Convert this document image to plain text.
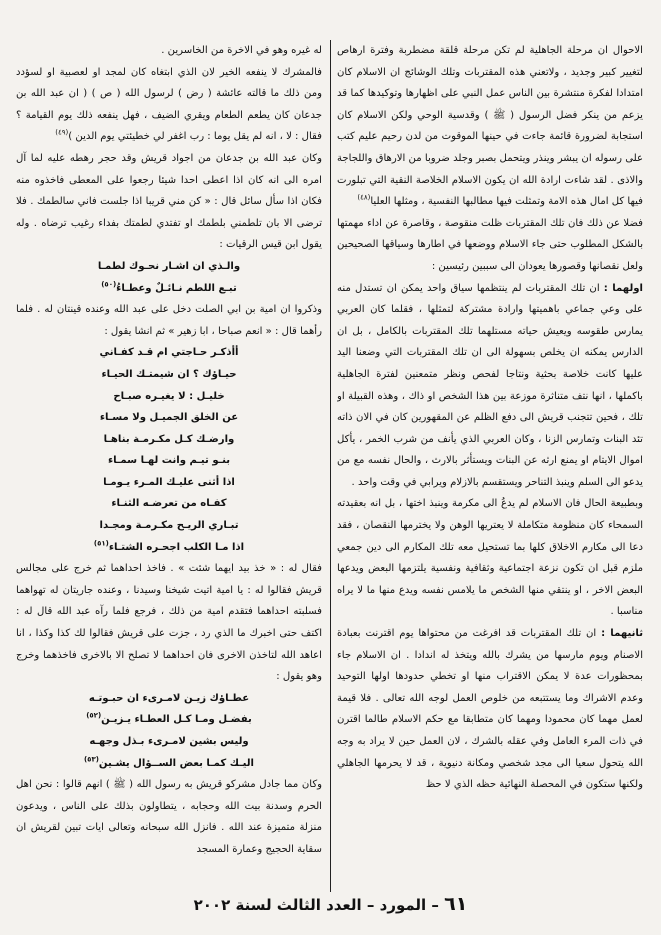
الاحوال ان مرحلة الجاهلية لم تكن مرحلة قلقة مضطربة وفترة ارهاص لتغيير كبير وجديد ، ولاتعني هذه المقتربات وتلك الوشائج ان الاسلام كان امتدادا لفكرة منتشرة بين الناس عمل النبي على اظهارها وتوكيدها كما قد يزعم من ينكر فضل الرسول ( ﷺ ) وقدسية الوحي ولكن الاسلام كان استجابة لضرورة قائمة جاءت في حينها الموقوت من لدن رحيم عليم كتب على رسوله ان يبشر وينذر ويتحمل بصبر وجلد ضروبا من الارهاق واللجاجة والاذى . لقد شاءت ارادة الله ان يكون الاسلام الخلاصة النقية التي تبلورت فيها كل امال هذه الامة وتمثلت فيها مطالبها النفسية ، ومثلها العليا$^{(٤٨)}$

فضلا عن ذلك فان تلك المقتربات ظلت منقوصة ، وقاصرة عن اداء مهمتها بالشكل المطلوب حتى جاء الاسلام ووضعها في اطارها وسياقها الصحيحين ولعل نقصانها وقصورها يعودان الى سببين رئيسين :

اولهما : ان تلك المقتربات لم ينتظمها سياق واحد يمكن ان تستدل منه على وعي جماعي باهميتها وارادة مشتركة لتمثلها ، فقلما كان العربي يمارس طقوسه ويعيش حياته مستلهما تلك المقتربات بالكامل ، بل ان الدارس يمكنه ان يخلص بسهولة الى ان تلك المقتربات التي وضعنا اليد عليها كانت خلاصة بحثية ونتاجا لفحص ونظر متمعنين لفترة الجاهلية باكملها ، انها نتف متناثرة موزعة بين هذا الشخص او ذاك ، وهذه القبيلة او تلك ، فحين تتجنب قريش الى دفع الظلم عن المقهورين كان في الان ذاته تئد البنات وتمارس الزنا ، وكان العربي الذي يأنف من شرب الخمر ، يأكل اموال الايتام او يمنع ارثه عن البنات ويستأثر بالارث ، والحال نفسه مع من يدعو الى السلم وينبذ التناحر ويستقسم بالازلام ويرابي في وقت واحد .

وبطبيعة الحال فان الاسلام لم يدعُ الى مكرمة وينبذ اختها ، بل انه بعقيدته السمحاء كان منظومة متكاملة لا يعتريها الوهن ولا يخترمها النقصان ، فقد دعا الى مكارم الاخلاق كلها بما تستحيل معه تلك المكارم الى دين جمعي ملزم قبل ان تكون نزعة اجتماعية وثقافية ونفسية يلتزمها البعض ويدعها البعض الاخر ، او ينتقي منها الشخص ما يلامس نفسه ويدع منها ما لا يراه مناسبا .

ثانيهما : ان تلك المقتربات قد افرغت من محتواها يوم اقترنت بعبادة الاصنام ويوم مارسها من يشرك بالله ويتخذ له اندادا . ان الاسلام جاء بمحظورات عدة لا يمكن الاقتراب منها او تخطي حدودها اولها التوحيد وعدم الاشراك وما يستتبعه من خلوص العمل لوجه الله تعالى . فلا قيمة لعمل مهما كان محمودا ومهما كان متطابقا مع حكم الاسلام طالما اقترن في ذات المرء العامل وفي عقله بالشرك ، لان العمل حين لا يراد به وجه الله يتحول سعيا الى مجد شخصي ومكانة دنيوية ، قد لا يحرمها الجاهلي ولكنها ستكون في المحصلة النهائية حظه الذي لا حظ

له غيره وهو في الاخرة من الخاسرين .

فالمشرك لا ينفعه الخير لان الذي ابتغاه كان لمجد او لعصبية او لسؤدد ومن ذلك ما قالته عائشة ( رض ) لرسول الله ( ص ) ( ان عبد الله بن جدعان كان يطعم الطعام ويقري الضيف ، فهل ينفعه ذلك يوم القيامة ؟ فقال : لا ، انه لم يقل يوما : رب اغفر لي خطيئتي يوم الدين )$^{(٤٩)}$

وكان عبد الله بن جدعان من اجواد قريش وقد حجر رهطه عليه لما آل امره الى انه كان اذا اعطى احدا شيئا رجعوا على المعطى فاخذوه منه فكان اذا سأل سائل قال : « كن مني قريبا اذا جلست فاني سالطمك . فلا ترضى الا بان تلطمني بلطمك او تفتدي لطمتك بفداء رغيب ترضاه . وله يقول ابن قيس الرقيات :

والـذي ان اشـار نحـوك لطمـا
تبـع اللطم نـائـلٌ وعطـاءُ$^{(٥٠)}$

وذكروا ان امية بن ابي الصلت دخل على عبد الله وعنده قينتان له . فلما رأهما قال : « انعم صباحا ، ابا زهير » ثم انشا يقول :

أأذكـر حـاجتي ام قـد كفـاني
حيـاؤك ؟ ان شيمتـك الحيـاء
خليـل : لا يغيـره صبـاح
عن الخلق الجميـل ولا مسـاء
وارضـك كـل مكـرمـة بناهـا
بنـو تيـم وانت لهـا سمـاء
اذا أثنى عليـك المـرء يـومـا
كفـاه من تعرضـه الثنـاء
تبـاري الريـح مكـرمـة ومجـدا
اذا مـا الكلب اجحـره الشتـاء$^{(٥١)}$

فقال له : « خذ بيد ايهما شئت » . فاخذ احداهما ثم خرج على مجالس قريش فقالوا له : يا امية اتيت شيخنا وسيدنا ، وعنده جاريتان له تهواهما فسلبته احداهما فتقدم امية من ذلك ، فرجع فلما رآه عبد الله قال له : اكتف حتى اخبرك ما الذي رد ، جزت على قريش فقالوا لك كذا وكذا ، انا اعاهد الله لتاخذن الاخرى فان احداهما لا تصلح الا بالاخرى فاخذهما وخرج وهو يقول :

عطـاؤك زيـن لامـرىء ان حبـوتـه
بفضـل ومـا كـل العطـاء يـزيـن$^{(٥٢)}$
وليس بشين لامـرىء بـذل وجهـه
اليـك كمـا بعض الســؤال يشـين$^{(٥٣)}$

وكان مما جادل مشركو قريش به رسول الله ( ﷺ ) انهم قالوا : نحن اهل الحرم وسدنة بيت الله وحجابه ، يتطاولون بذلك على الناس ، ويدعون منزلة متميزة عند الله . فانزل الله سبحانه وتعالى ايات تبين لقريش ان سقاية الحجيج وعمارة المسجد

٦١ – المورد – العدد الثالث لسنة ٢٠٠٢
